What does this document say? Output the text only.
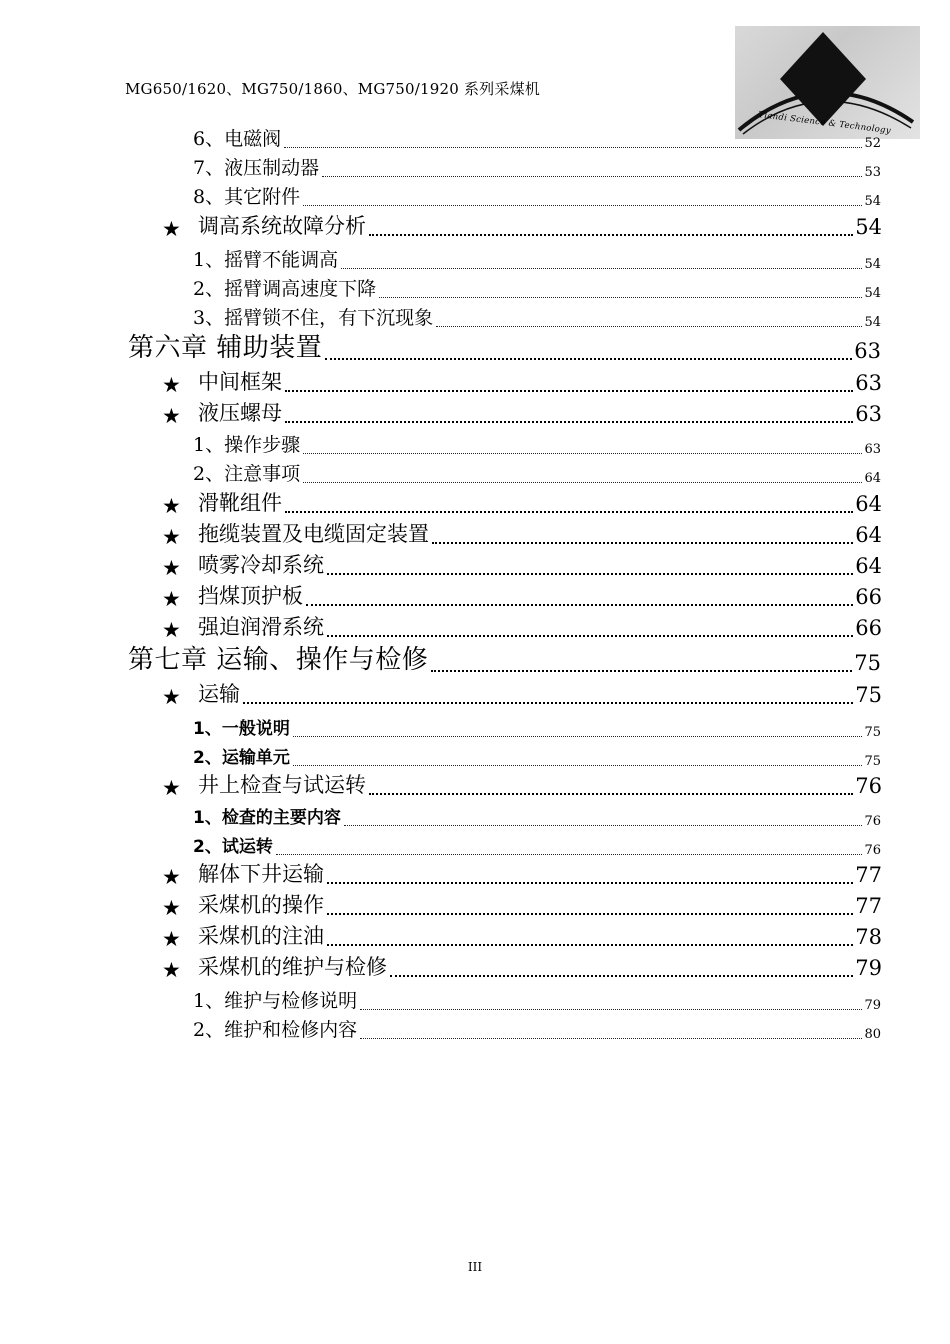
MG650/1620、MG750/1860、MG750/1920 系列采煤机
Tiandi Science & Technology
6、电磁阀	52
7、液压制动器	53
8、其它附件	54
★ 调高系统故障分析	54
1、摇臂不能调高	54
2、摇臂调高速度下降	54
3、摇臂锁不住，有下沉现象	54
第六章 辅助装置	63
★ 中间框架	63
★ 液压螺母	63
1、操作步骤	63
2、注意事项	64
★ 滑靴组件	64
★ 拖缆装置及电缆固定装置	64
★ 喷雾冷却系统	64
★ 挡煤顶护板	66
★ 强迫润滑系统	66
第七章 运输、操作与检修	75
★ 运输	75
1、一般说明	75
2、运输单元	75
★ 井上检查与试运转	76
1、检查的主要内容	76
2、试运转	76
★ 解体下井运输	77
★ 采煤机的操作	77
★ 采煤机的注油	78
★ 采煤机的维护与检修	79
1、维护与检修说明	79
2、维护和检修内容	80
III
